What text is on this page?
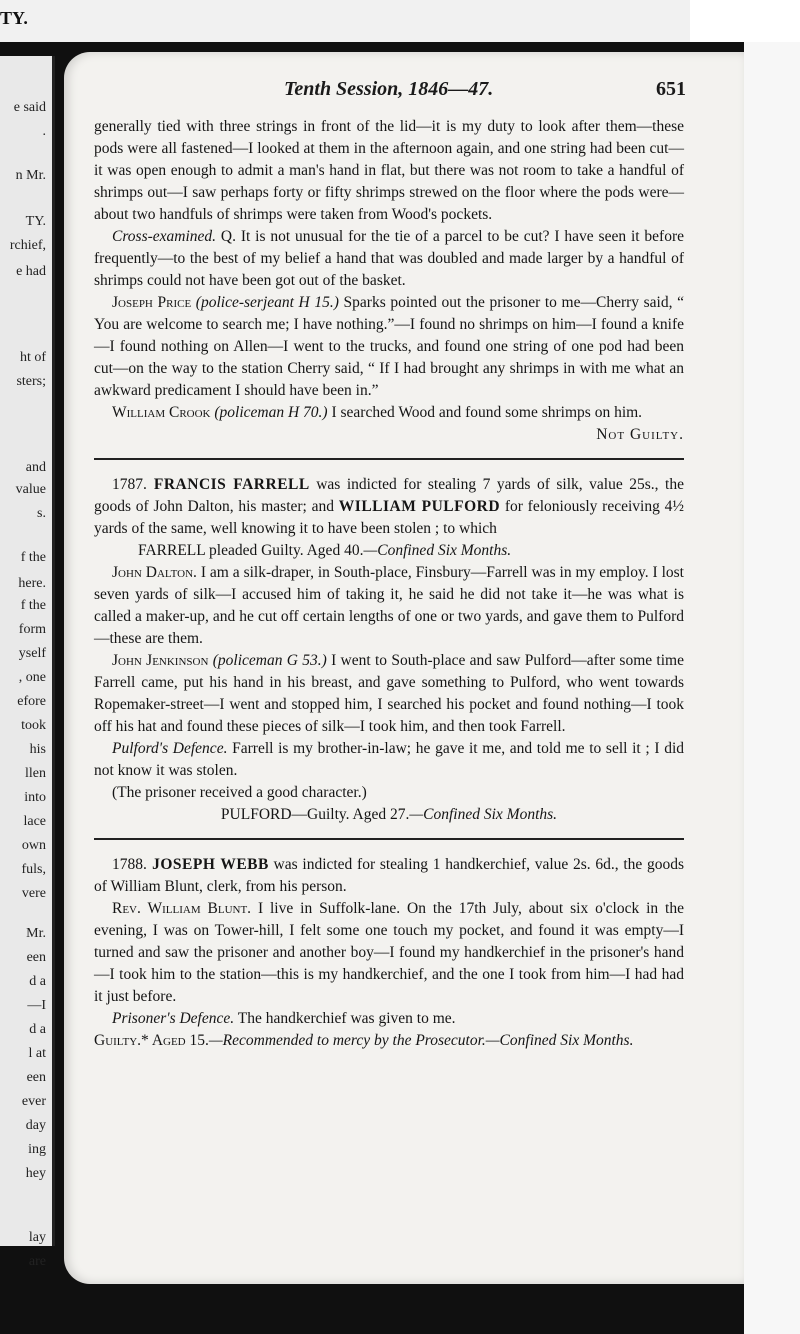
TY.
e said
.
n Mr.
TY.
rchief,
e had
ht of
sters;
and
value
s.
f the
here.
f the
form
yself
, one
efore
took
his
llen
into
lace
own
fuls,
vere
Mr.
een
d a
—I
d a
l at
een
ever
day
ing
hey
lay
are
Tenth Session, 1846—47.	651

generally tied with three strings in front of the lid—it is my duty to look after them—these pods were all fastened—I looked at them in the afternoon again, and one string had been cut—it was open enough to admit a man's hand in flat, but there was not room to take a handful of shrimps out—I saw perhaps forty or fifty shrimps strewed on the floor where the pods were—about two handfuls of shrimps were taken from Wood's pockets.

Cross-examined. Q. It is not unusual for the tie of a parcel to be cut? I have seen it before frequently—to the best of my belief a hand that was doubled and made larger by a handful of shrimps could not have been got out of the basket.

Joseph Price (police-serjeant H 15.) Sparks pointed out the prisoner to me—Cherry said, “ You are welcome to search me; I have nothing.”—I found no shrimps on him—I found a knife—I found nothing on Allen—I went to the trucks, and found one string of one pod had been cut—on the way to the station Cherry said, “ If I had brought any shrimps in with me what an awkward predicament I should have been in.”

William Crook (policeman H 70.) I searched Wood and found some shrimps on him.

Not Guilty.

1787. FRANCIS FARRELL was indicted for stealing 7 yards of silk, value 25s., the goods of John Dalton, his master; and WILLIAM PULFORD for feloniously receiving 4½ yards of the same, well knowing it to have been stolen ; to which

FARRELL pleaded Guilty. Aged 40.—Confined Six Months.

John Dalton. I am a silk-draper, in South-place, Finsbury—Farrell was in my employ. I lost seven yards of silk—I accused him of taking it, he said he did not take it—he was what is called a maker-up, and he cut off certain lengths of one or two yards, and gave them to Pulford—these are them.

John Jenkinson (policeman G 53.) I went to South-place and saw Pulford—after some time Farrell came, put his hand in his breast, and gave something to Pulford, who went towards Ropemaker-street—I went and stopped him, I searched his pocket and found nothing—I took off his hat and found these pieces of silk—I took him, and then took Farrell.

Pulford's Defence. Farrell is my brother-in-law; he gave it me, and told me to sell it ; I did not know it was stolen.

(The prisoner received a good character.)

PULFORD—Guilty. Aged 27.—Confined Six Months.

1788. JOSEPH WEBB was indicted for stealing 1 handkerchief, value 2s. 6d., the goods of William Blunt, clerk, from his person.

Rev. William Blunt. I live in Suffolk-lane. On the 17th July, about six o'clock in the evening, I was on Tower-hill, I felt some one touch my pocket, and found it was empty—I turned and saw the prisoner and another boy—I found my handkerchief in the prisoner's hand—I took him to the station—this is my handkerchief, and the one I took from him—I had had it just before.

Prisoner's Defence. The handkerchief was given to me.

Guilty.* Aged 15.—Recommended to mercy by the Prosecutor.—Confined Six Months.
